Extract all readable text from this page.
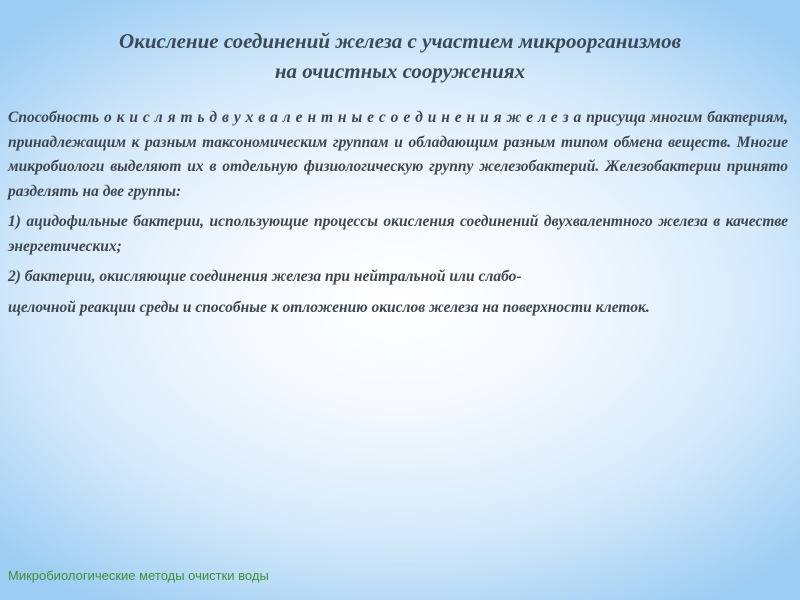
Окисление соединений железа с участием микроорганизмов
на очистных сооружениях

Способность о к и с л я т ь д в у х в а л е н т н ы е с о е д и н е н и я ж е л е з а присуща многим бактериям, принадлежащим к разным таксономическим группам и обладающим разным типом обмена веществ. Многие микробиологи выделяют их в отдельную физиологическую группу железобактерий. Железобактерии принято разделять на две группы:

1) ацидофильные бактерии, использующие процессы окисления соединений двухвалентного железа в качестве энергетических;

2) бактерии, окисляющие соединения железа при нейтральной или слабо-

щелочной реакции среды и способные к отложению окислов железа на поверхности клеток.

Микробиологические методы очистки воды
